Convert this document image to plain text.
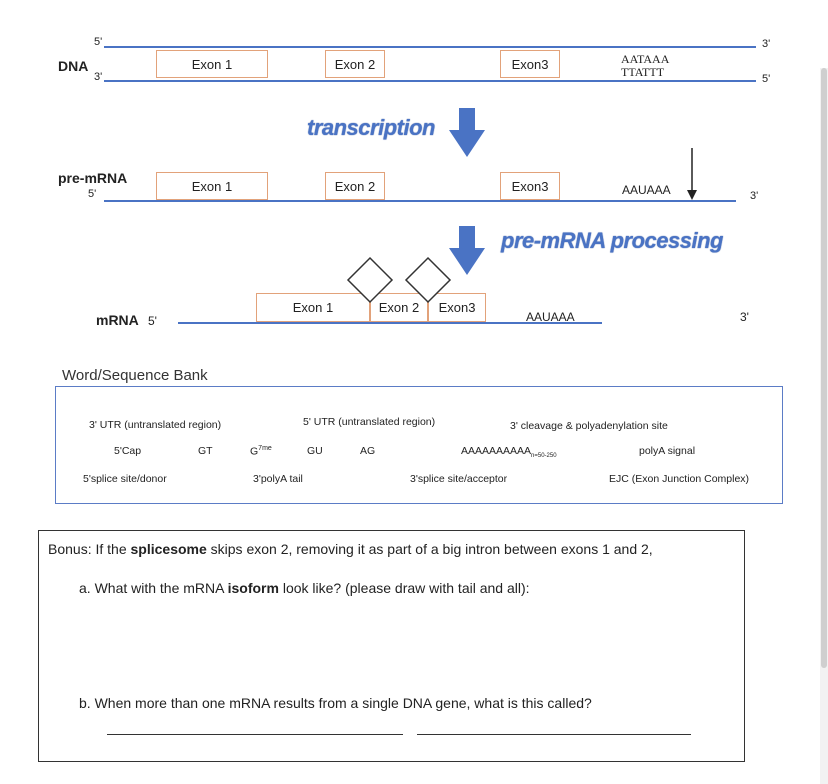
DNA
5'
3'
Exon 1	Exon 2	Exon3	AATAAA
TTATTT
3'
5'
transcription
pre-mRNA
5'
Exon 1	Exon 2	Exon3	AAUAAA	3'
pre-mRNA processing
mRNA 5'
Exon 1	Exon 2	Exon3
AAUAAA	3'
Word/Sequence Bank
3' UTR (untranslated region)	5' UTR (untranslated region)	3' cleavage & polyadenylation site
5'Cap	GT	$G^{7me}$	GU	AG	$AAAAAAAAAA_{n=50-250}$	polyA signal
5'splice site/donor	3'polyA tail	3'splice site/acceptor	EJC (Exon Junction Complex)
Bonus: If the splicesome skips exon 2, removing it as part of a big intron between exons 1 and 2,
a. What with the mRNA isoform look like? (please draw with tail and all):
b. When more than one mRNA results from a single DNA gene, what is this called?
